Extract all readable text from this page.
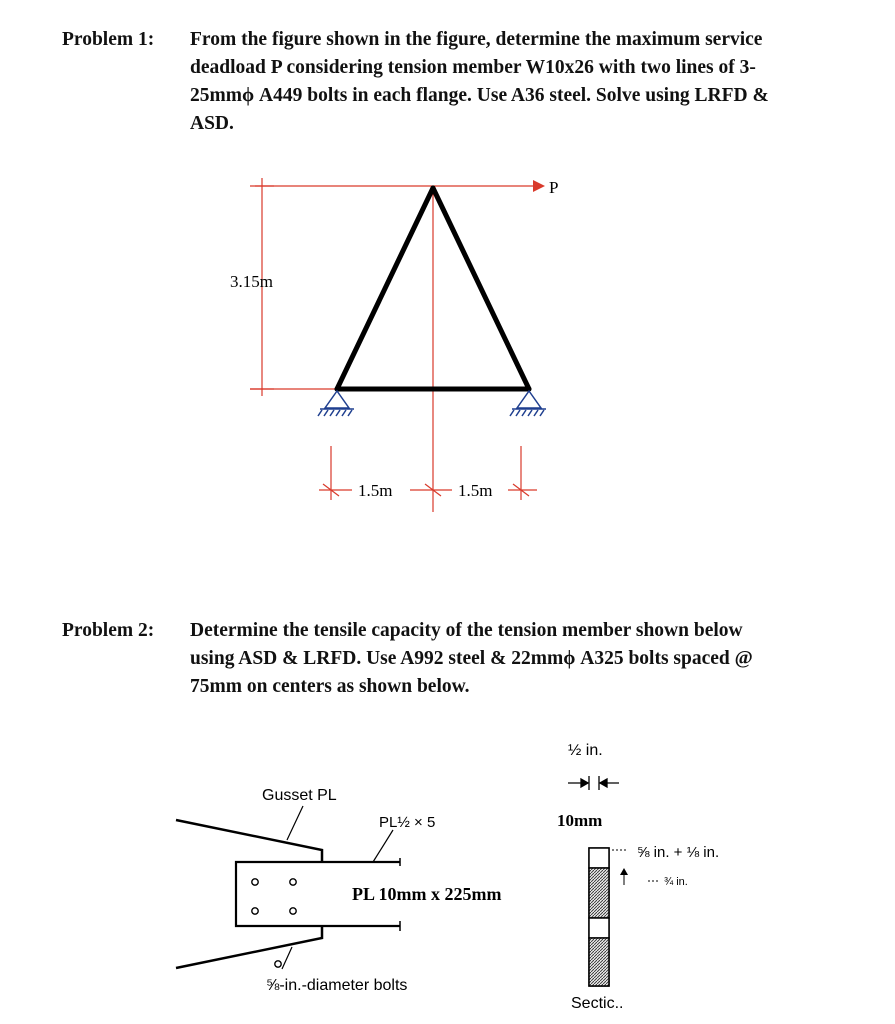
Problem 1: From the figure shown in the figure, determine the maximum service
deadload P considering tension member W10x26 with two lines of 3-
25mmϕ A449 bolts in each flange. Use A36 steel. Solve using LRFD &
ASD.
Problem 2: Determine the tensile capacity of the tension member shown below
using ASD & LRFD. Use A992 steel & 22mmϕ A325 bolts spaced @
75mm on centers as shown below.
P
3.15m
1.5m	1.5m
Gusset PL
PL½ × 5
PL 10mm x 225mm
⅝-in.-diameter bolts
½ in.
10mm
⅝ in. + ⅛ in.
¾ in.
Sectic..
